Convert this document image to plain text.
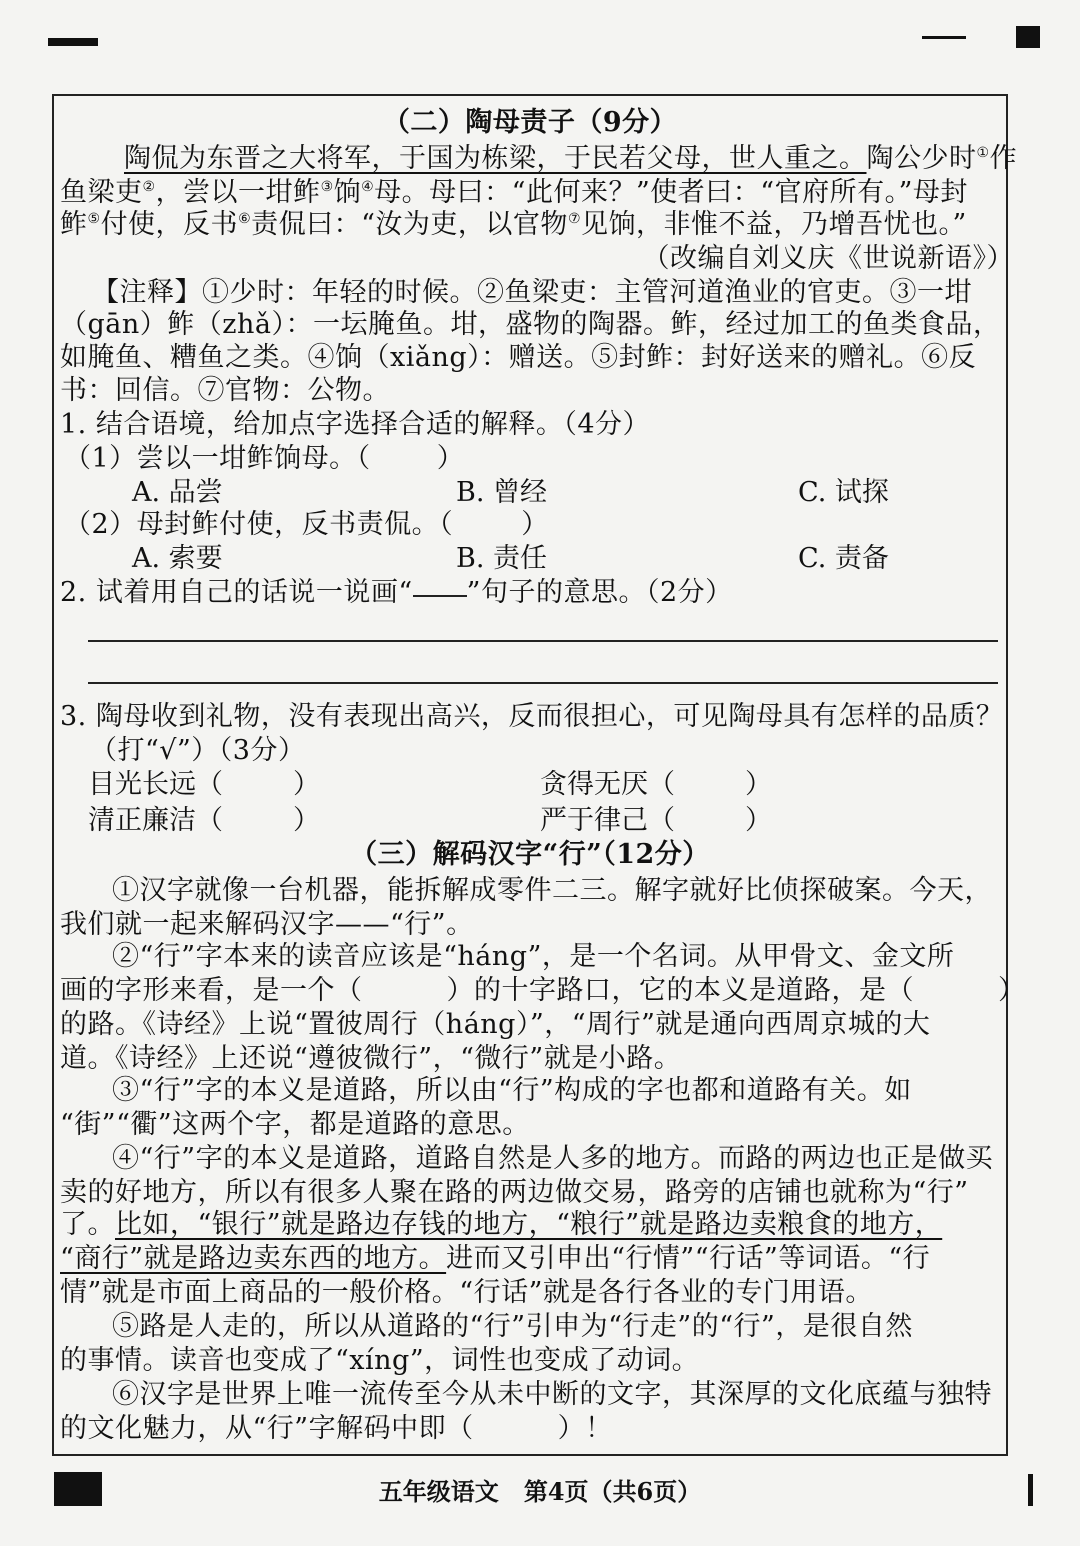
（二）陶母责子（9分）
陶侃为东晋之大将军，于国为栋梁，于民若父母，世人重之。陶公少时①作
鱼梁吏②，尝以一坩鲊③饷④母。母曰：“此何来？”使者曰：“官府所有。”母封
鲊⑤付使，反书⑥责侃曰：“汝为吏，以官物⑦见饷，非惟不益，乃增吾忧也。”
（改编自刘义庆《世说新语》）
【注释】①少时：年轻的时候。②鱼梁吏：主管河道渔业的官吏。③一坩
（gān）鲊（zhǎ）：一坛腌鱼。坩，盛物的陶器。鲊，经过加工的鱼类食品，
如腌鱼、糟鱼之类。④饷（xiǎng）：赠送。⑤封鲊：封好送来的赠礼。⑥反
书：回信。⑦官物：公物。
1. 结合语境，给加点字选择合适的解释。（4分）
（1）尝以一坩鲊饷母。（ ）
A. 品尝	B. 曾经	C. 试探
（2）母封鲊付使，反书责侃。（	）
A. 索要	B. 责任	C. 责备
2. 试着用自己的话说一说画“ ”句子的意思。（2分）
3. 陶母收到礼物，没有表现出高兴，反而很担心，可见陶母具有怎样的品质？
（打“√”）（3分）
目光长远（	）	贪得无厌（	）
清正廉洁（	）	严于律己（	）
（三）解码汉字“行”（12分）
①汉字就像一台机器，能拆解成零件二三。解字就好比侦探破案。今天，
我们就一起来解码汉字——“行”。
②“行”字本来的读音应该是“háng”，是一个名词。从甲骨文、金文所
画的字形来看，是一个（	）的十字路口，它的本义是道路，是（	）
的路。《诗经》上说“置彼周行（háng）”，“周行”就是通向西周京城的大
道。《诗经》上还说“遵彼微行”，“微行”就是小路。
③“行”字的本义是道路，所以由“行”构成的字也都和道路有关。如
“街”“衢”这两个字，都是道路的意思。
④“行”字的本义是道路，道路自然是人多的地方。而路的两边也正是做买
卖的好地方，所以有很多人聚在路的两边做交易，路旁的店铺也就称为“行”
了。比如，“银行”就是路边存钱的地方，“粮行”就是路边卖粮食的地方，
“商行”就是路边卖东西的地方。进而又引申出“行情”“行话”等词语。“行
情”就是市面上商品的一般价格。“行话”就是各行各业的专门用语。
⑤路是人走的，所以从道路的“行”引申为“行走”的“行”，是很自然
的事情。读音也变成了“xíng”，词性也变成了动词。
⑥汉字是世界上唯一流传至今从未中断的文字，其深厚的文化底蕴与独特
的文化魅力，从“行”字解码中即（	）！
五年级语文   第4页（共6页）
